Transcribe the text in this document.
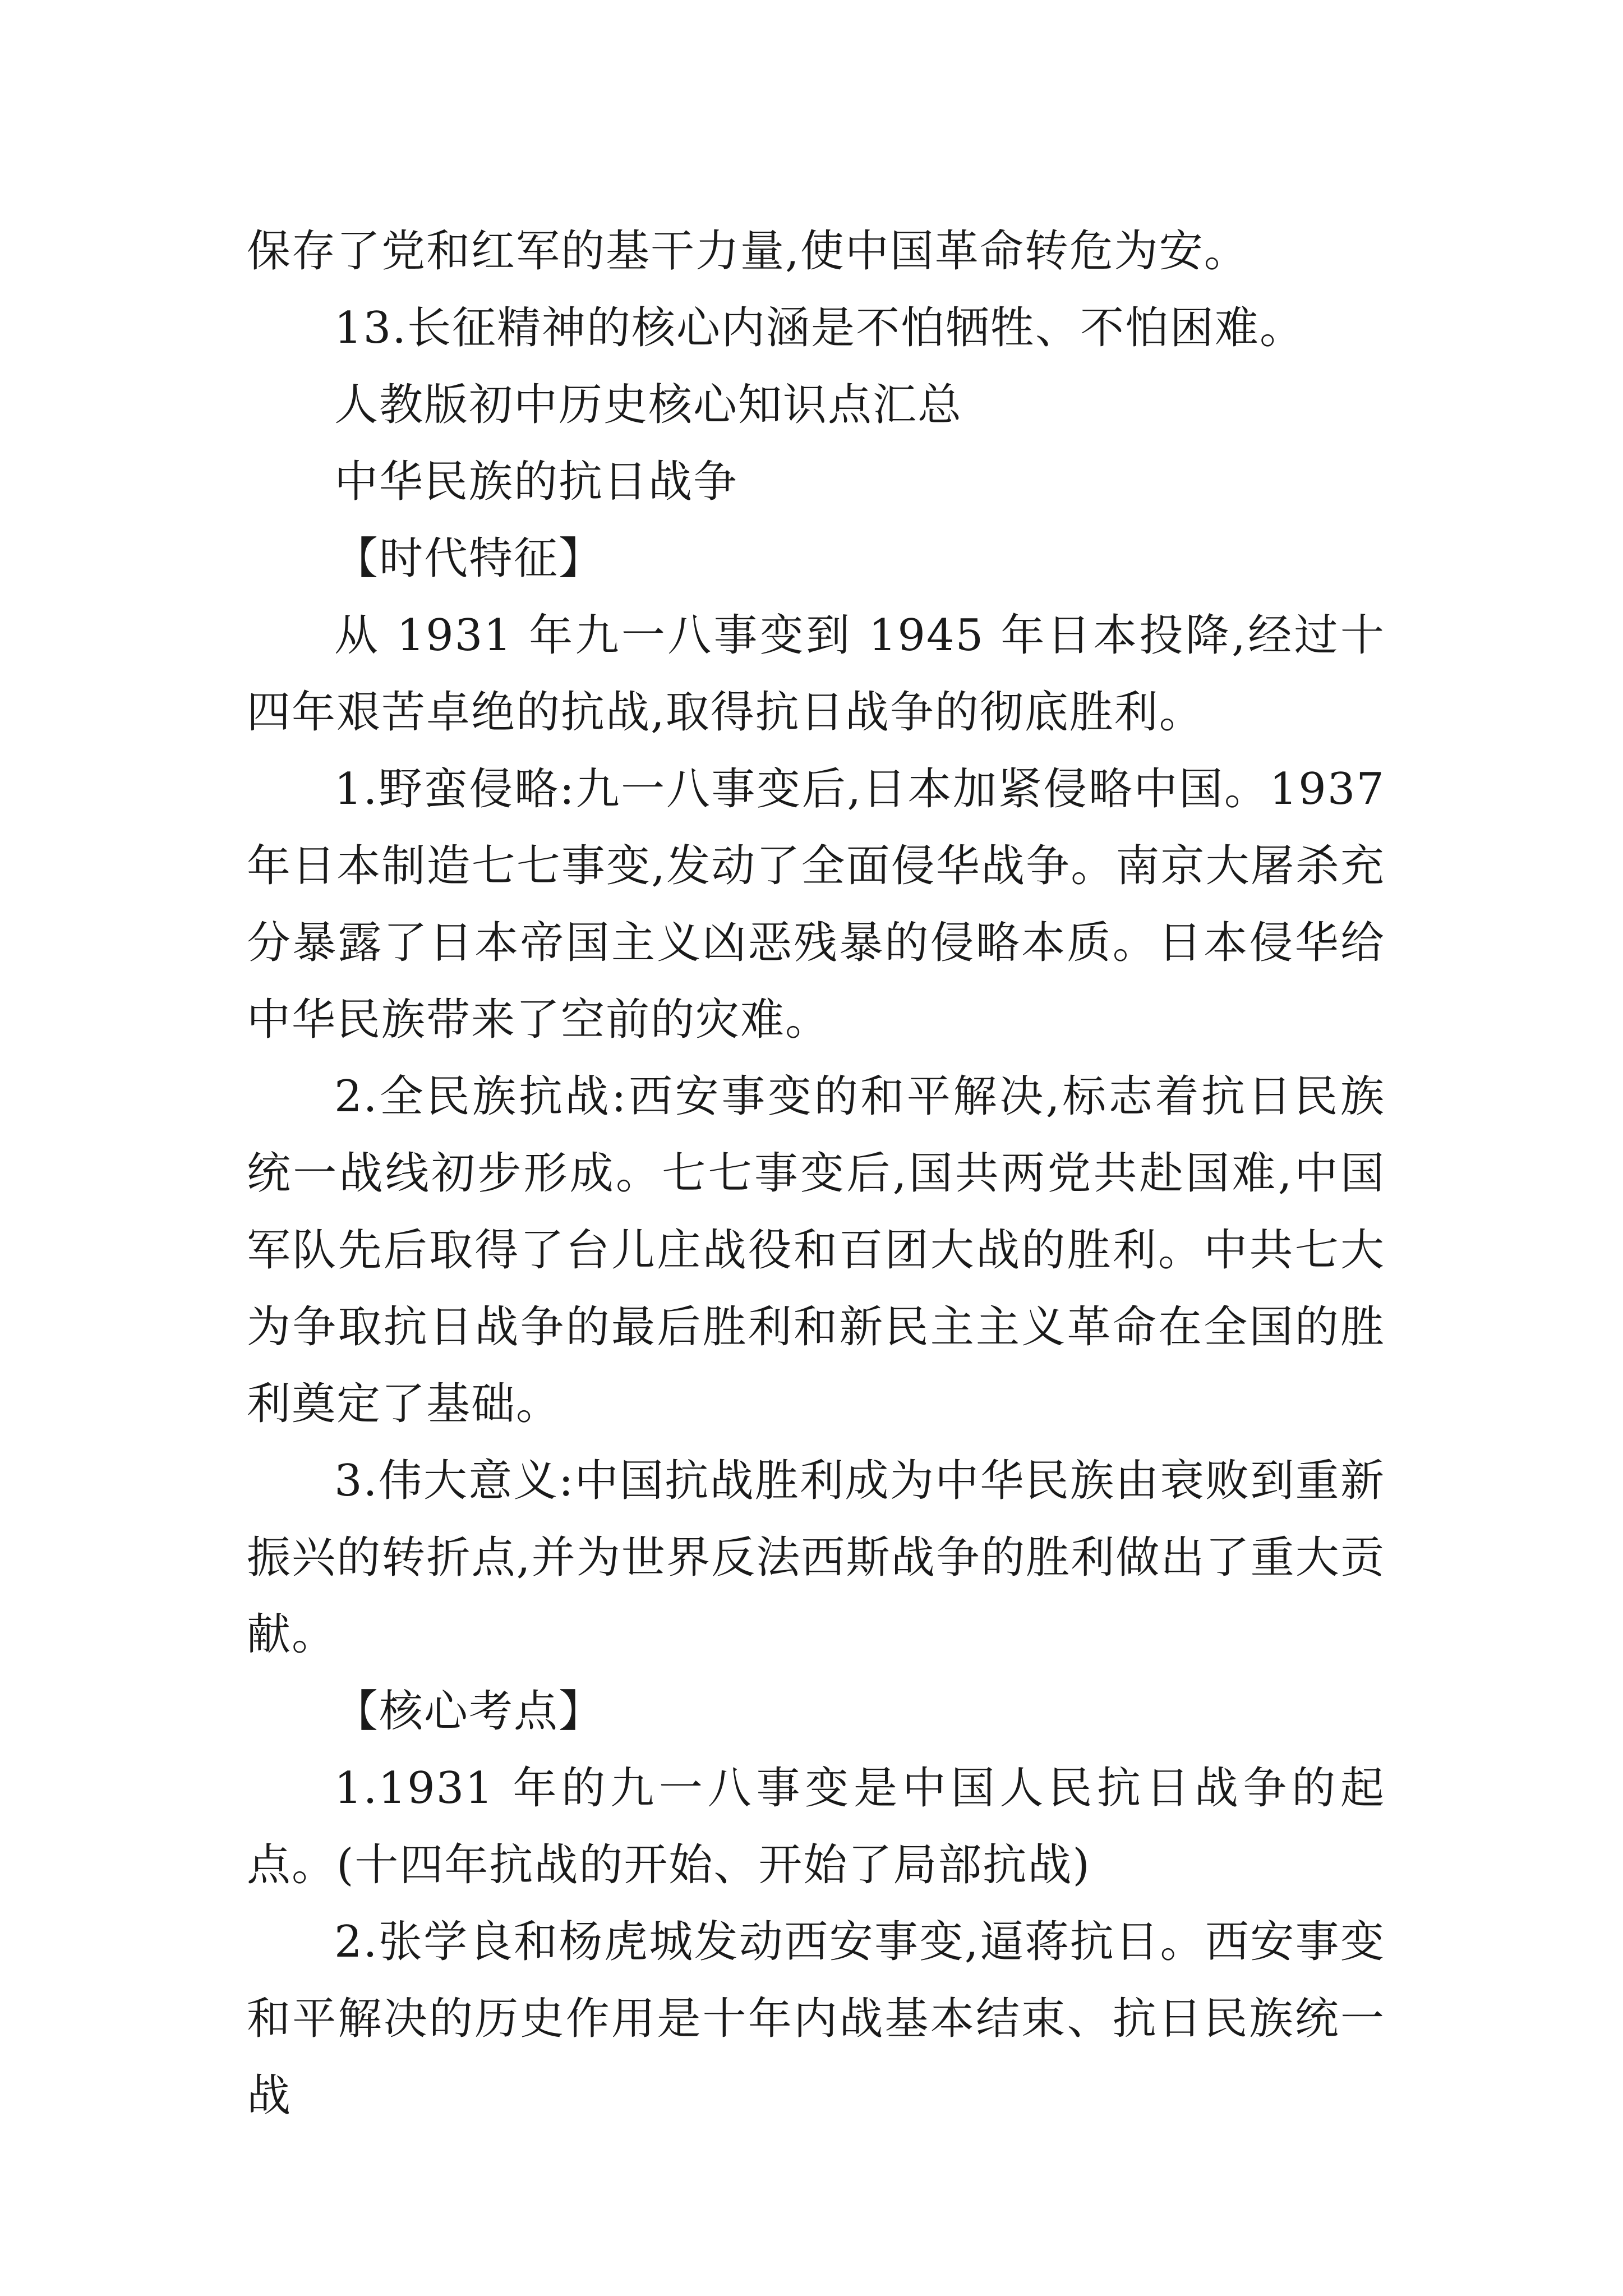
保存了党和红军的基干力量,使中国革命转危为安。

13.长征精神的核心内涵是不怕牺牲、不怕困难。

人教版初中历史核心知识点汇总

中华民族的抗日战争

【时代特征】

从 1931 年九一八事变到 1945 年日本投降,经过十四年艰苦卓绝的抗战,取得抗日战争的彻底胜利。

1.野蛮侵略:九一八事变后,日本加紧侵略中国。1937 年日本制造七七事变,发动了全面侵华战争。南京大屠杀充分暴露了日本帝国主义凶恶残暴的侵略本质。日本侵华给中华民族带来了空前的灾难。

2.全民族抗战:西安事变的和平解决,标志着抗日民族统一战线初步形成。七七事变后,国共两党共赴国难,中国军队先后取得了台儿庄战役和百团大战的胜利。中共七大为争取抗日战争的最后胜利和新民主主义革命在全国的胜利奠定了基础。

3.伟大意义:中国抗战胜利成为中华民族由衰败到重新振兴的转折点,并为世界反法西斯战争的胜利做出了重大贡献。

【核心考点】

1.1931 年的九一八事变是中国人民抗日战争的起点。(十四年抗战的开始、开始了局部抗战)

2.张学良和杨虎城发动西安事变,逼蒋抗日。西安事变和平解决的历史作用是十年内战基本结束、抗日民族统一战
